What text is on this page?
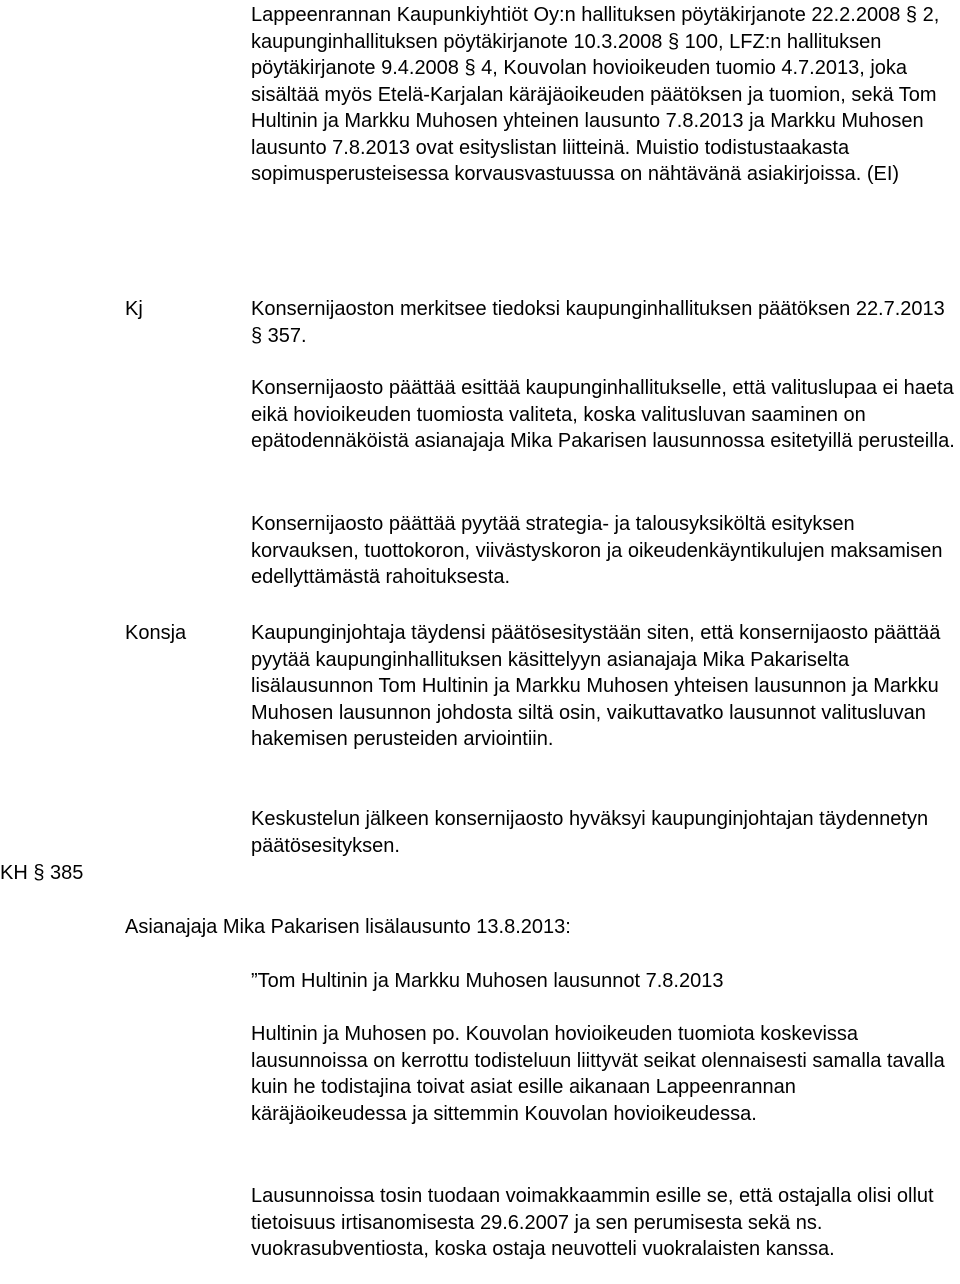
Lappeenrannan Kaupunkiyhtiöt Oy:n hallituksen pöytäkirjanote 22.2.2008 § 2, kaupunginhallituksen pöytäkirjanote 10.3.2008 § 100, LFZ:n hallituksen pöytäkirjanote 9.4.2008 § 4, Kouvolan hovioikeuden tuomio 4.7.2013, joka sisältää myös Etelä-Karjalan käräjäoikeuden päätöksen ja tuomion, sekä Tom Hultinin ja Markku Muhosen yhteinen lausunto 7.8.2013 ja Markku Muhosen lausunto 7.8.2013 ovat esityslistan liitteinä. Muistio todistustaakasta sopimusperusteisessa korvausvastuussa on nähtävänä asiakirjoissa. (EI)

Kj	Konsernijaoston merkitsee tiedoksi kaupunginhallituksen päätöksen 22.7.2013 § 357.

Konsernijaosto päättää esittää kaupunginhallitukselle, että valituslupaa ei haeta eikä hovioikeuden tuomiosta valiteta, koska valitusluvan saaminen on epätodennäköistä asianajaja Mika Pakarisen lausunnossa esitetyillä perusteilla.

Konsernijaosto päättää pyytää strategia- ja talousyksiköltä esityksen korvauksen, tuottokoron, viivästyskoron ja oikeudenkäyntikulujen maksamisen edellyttämästä rahoituksesta.

Konsja	Kaupunginjohtaja täydensi päätösesitystään siten, että konsernijaosto päättää pyytää kaupunginhallituksen käsittelyyn asianajaja Mika Pakariselta lisälausunnon Tom Hultinin ja Markku Muhosen yhteisen lausunnon ja Markku Muhosen lausunnon johdosta siltä osin, vaikuttavatko lausunnot valitusluvan hakemisen perusteiden arviointiin.

Keskustelun jälkeen konsernijaosto hyväksyi kaupunginjohtajan täydennetyn päätösesityksen.

KH § 385

Asianajaja Mika Pakarisen lisälausunto 13.8.2013:

”Tom Hultinin ja Markku Muhosen lausunnot 7.8.2013

Hultinin ja Muhosen po. Kouvolan hovioikeuden tuomiota koskevissa lausunnoissa on kerrottu todisteluun liittyvät seikat olennaisesti samalla tavalla kuin he todistajina toivat asiat esille aikanaan Lappeenrannan käräjäoikeudessa ja sittemmin Kouvolan hovioikeudessa.

Lausunnoissa tosin tuodaan voimakkaammin esille se, että ostajalla olisi ollut tietoisuus irtisanomisesta 29.6.2007 ja sen perumisesta sekä ns. vuokrasubventiosta, koska ostaja neuvotteli vuokralaisten kanssa.
